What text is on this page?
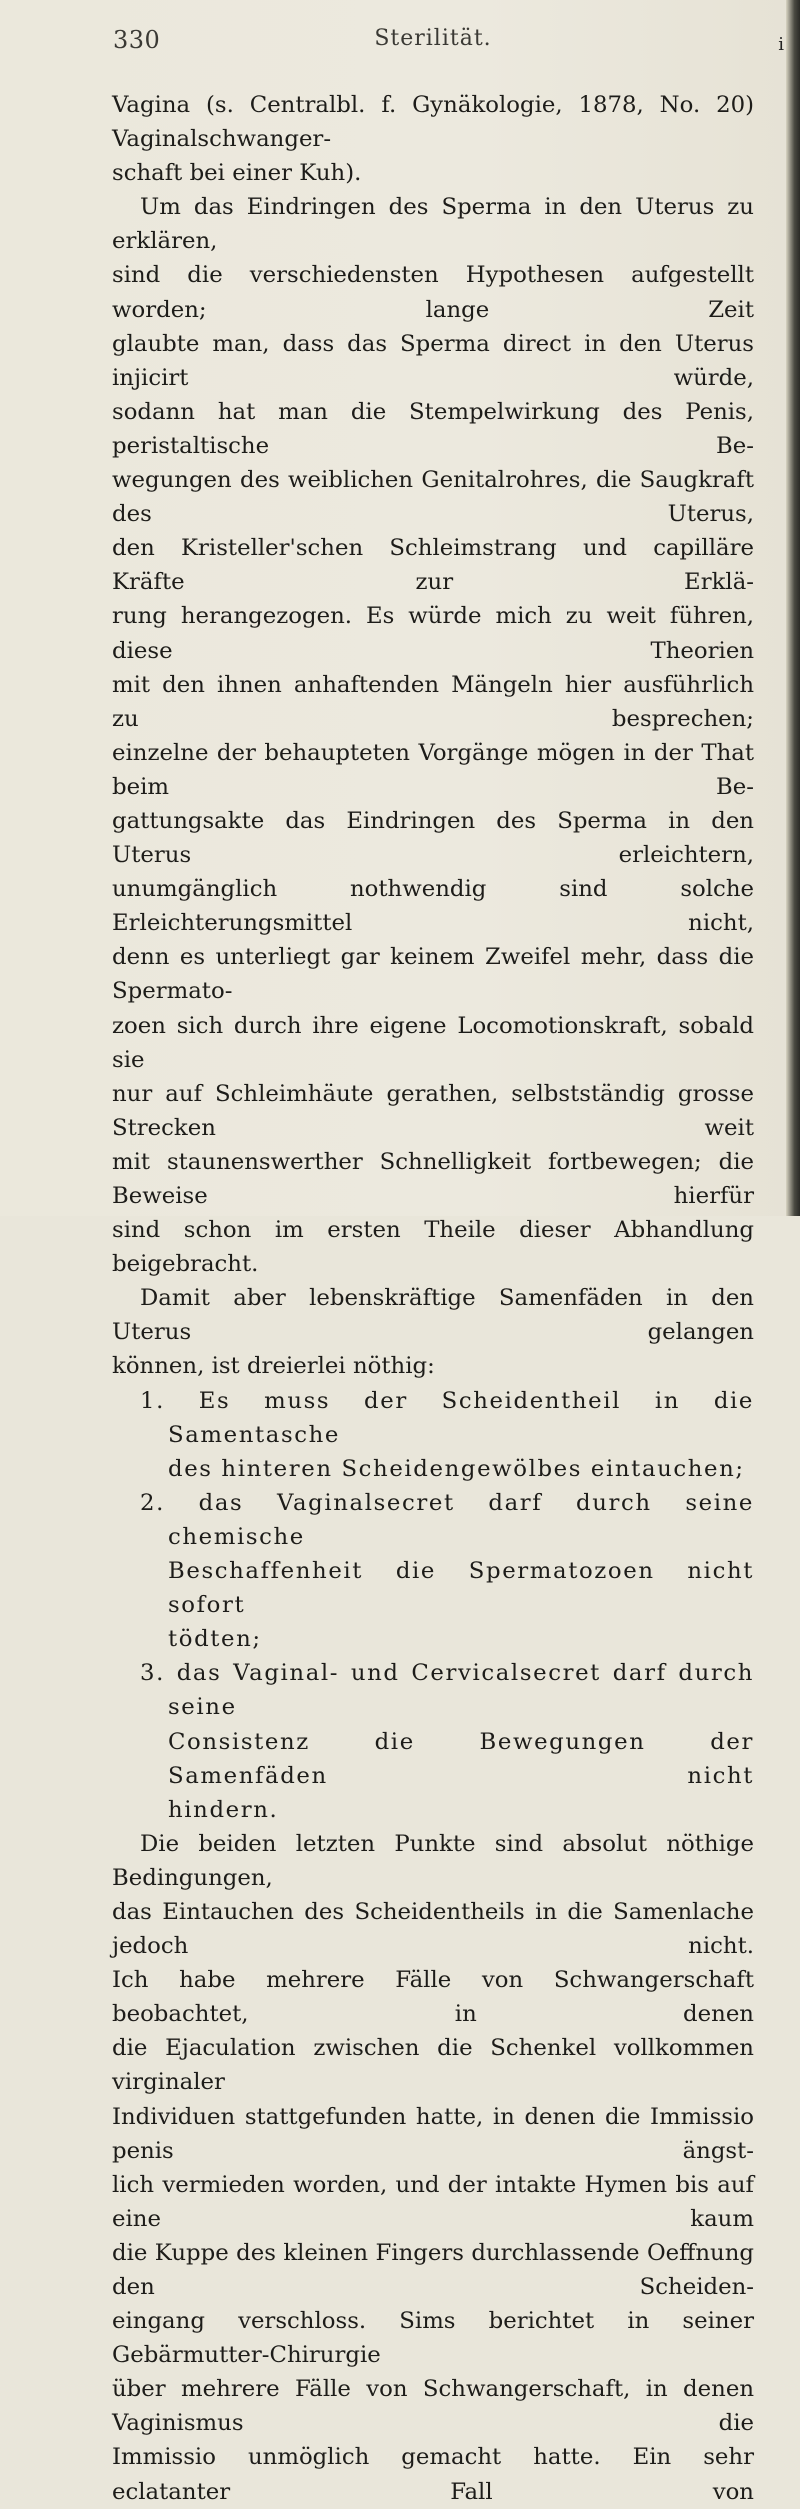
330	Sterilität.	i

Vagina (s. Centralbl. f. Gynäkologie, 1878, No. 20) Vaginalschwanger-

schaft bei einer Kuh).

Um das Eindringen des Sperma in den Uterus zu erklären,

sind die verschiedensten Hypothesen aufgestellt worden; lange Zeit

glaubte man, dass das Sperma direct in den Uterus injicirt würde,

sodann hat man die Stempelwirkung des Penis, peristaltische Be-

wegungen des weiblichen Genitalrohres, die Saugkraft des Uterus,

den Kristeller'schen Schleimstrang und capilläre Kräfte zur Erklä-

rung herangezogen. Es würde mich zu weit führen, diese Theorien

mit den ihnen anhaftenden Mängeln hier ausführlich zu besprechen;

einzelne der behaupteten Vorgänge mögen in der That beim Be-

gattungsakte das Eindringen des Sperma in den Uterus erleichtern,

unumgänglich nothwendig sind solche Erleichterungsmittel nicht,

denn es unterliegt gar keinem Zweifel mehr, dass die Spermato-

zoen sich durch ihre eigene Locomotionskraft, sobald sie

nur auf Schleimhäute gerathen, selbstständig grosse Strecken weit

mit staunenswerther Schnelligkeit fortbewegen; die Beweise hierfür

sind schon im ersten Theile dieser Abhandlung beigebracht.

Damit aber lebenskräftige Samenfäden in den Uterus gelangen

können, ist dreierlei nöthig:

1. Es muss der Scheidentheil in die Samentasche

des hinteren Scheidengewölbes eintauchen;

2. das Vaginalsecret darf durch seine chemische

Beschaffenheit die Spermatozoen nicht sofort

tödten;

3. das Vaginal- und Cervicalsecret darf durch seine

Consistenz die Bewegungen der Samenfäden nicht

hindern.

Die beiden letzten Punkte sind absolut nöthige Bedingungen,

das Eintauchen des Scheidentheils in die Samenlache jedoch nicht.

Ich habe mehrere Fälle von Schwangerschaft beobachtet, in denen

die Ejaculation zwischen die Schenkel vollkommen virginaler

Individuen stattgefunden hatte, in denen die Immissio penis ängst-

lich vermieden worden, und der intakte Hymen bis auf eine kaum

die Kuppe des kleinen Fingers durchlassende Oeffnung den Scheiden-

eingang verschloss. Sims berichtet in seiner Gebärmutter-Chirurgie

über mehrere Fälle von Schwangerschaft, in denen Vaginismus die

Immissio unmöglich gemacht hatte. Ein sehr eclatanter Fall von
